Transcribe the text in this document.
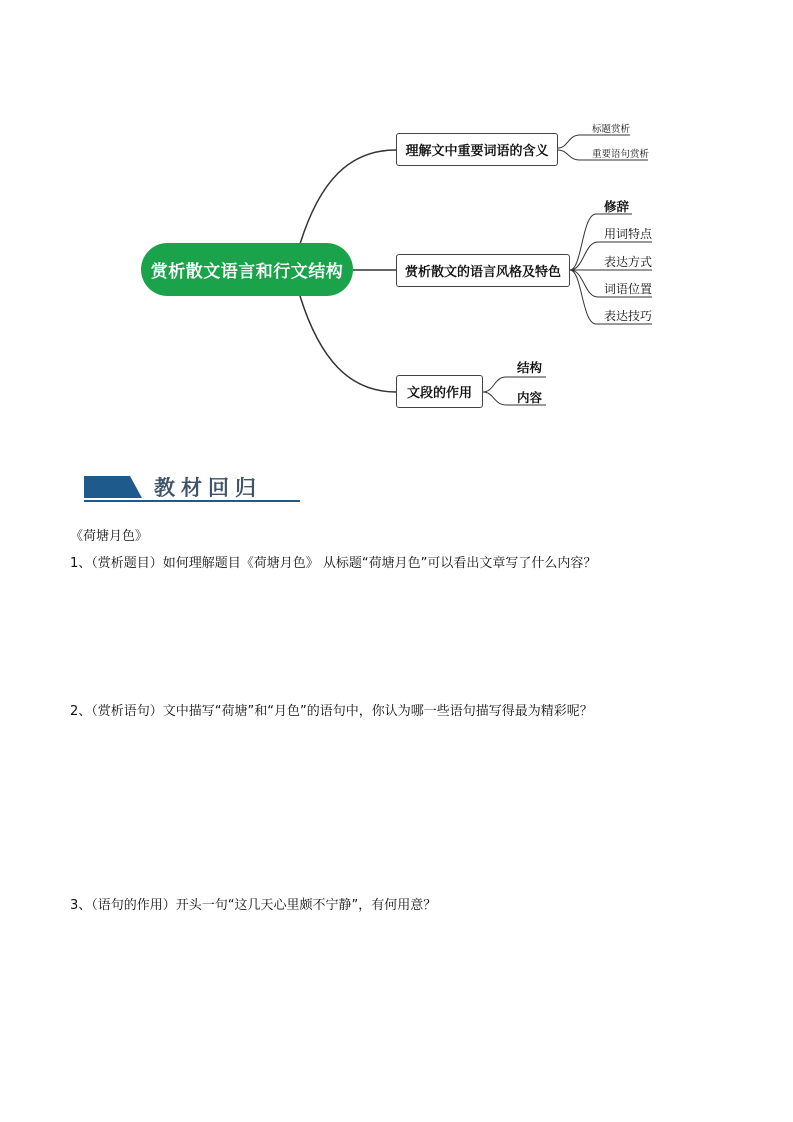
赏析散文语言和行文结构
理解文中重要词语的含义
赏析散文的语言风格及特色
文段的作用
标题赏析
重要语句赏析
修辞
用词特点
表达方式
词语位置
表达技巧
结构
内容
教材回归
《荷塘月色》
1、（赏析题目）如何理解题目《荷塘月色》 从标题“荷塘月色”可以看出文章写了什么内容？
2、（赏析语句）文中描写“荷塘”和“月色”的语句中，你认为哪一些语句描写得最为精彩呢？
3、（语句的作用）开头一句“这几天心里颇不宁静”，有何用意？
